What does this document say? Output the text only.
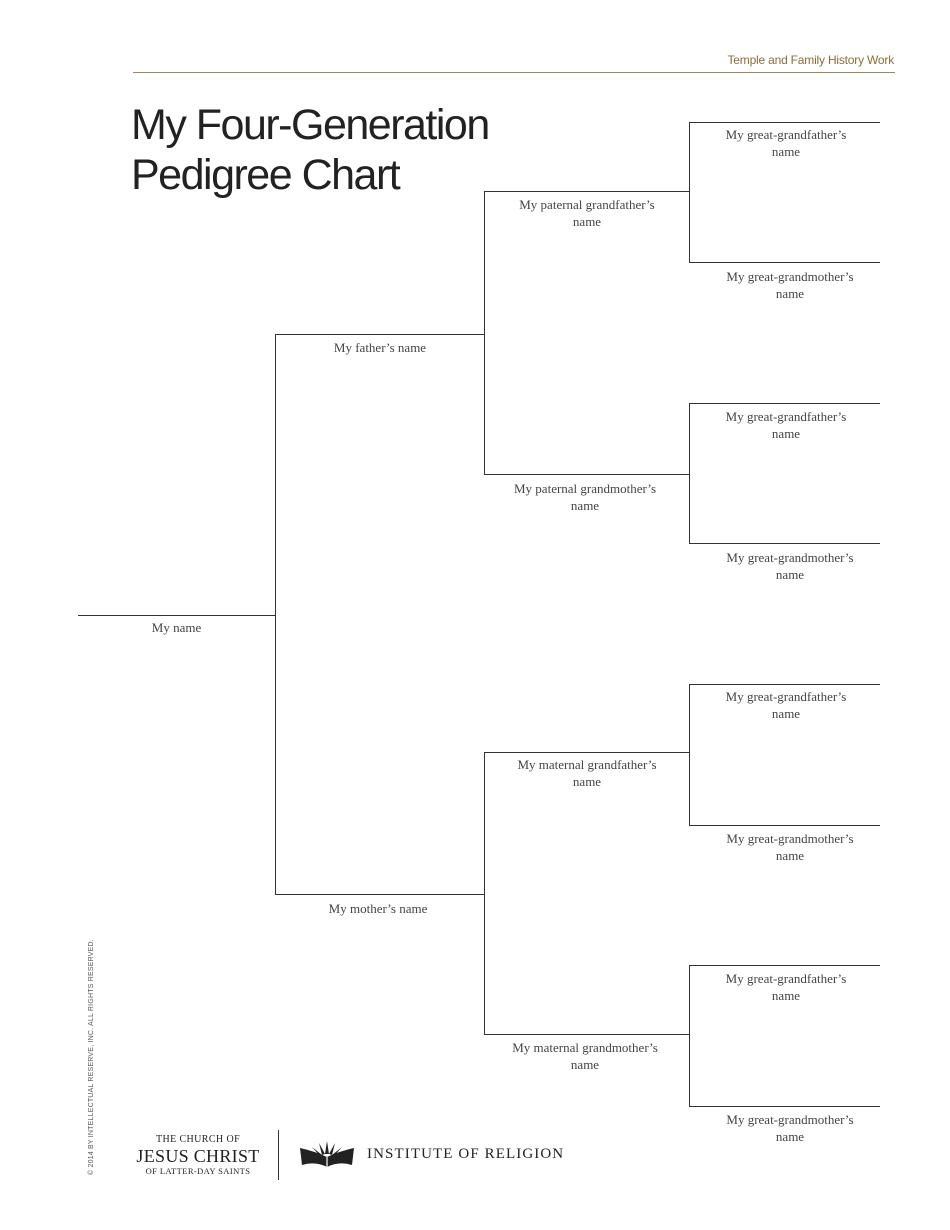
Temple and Family History Work
My Four-Generation
Pedigree Chart
My name
My father’s name
My mother’s name
My paternal grandfather’s name
My paternal grandmother’s name
My maternal grandfather’s name
My maternal grandmother’s name
My great-grandfather’s name
My great-grandmother’s name
My great-grandfather’s name
My great-grandmother’s name
My great-grandfather’s name
My great-grandmother’s name
My great-grandfather’s name
My great-grandmother’s name
© 2014 BY INTELLECTUAL RESERVE, INC. ALL RIGHTS RESERVED.	THE CHURCH OF
JESUS CHRIST
OF LATTER-DAY SAINTS
INSTITUTE OF RELIGION
